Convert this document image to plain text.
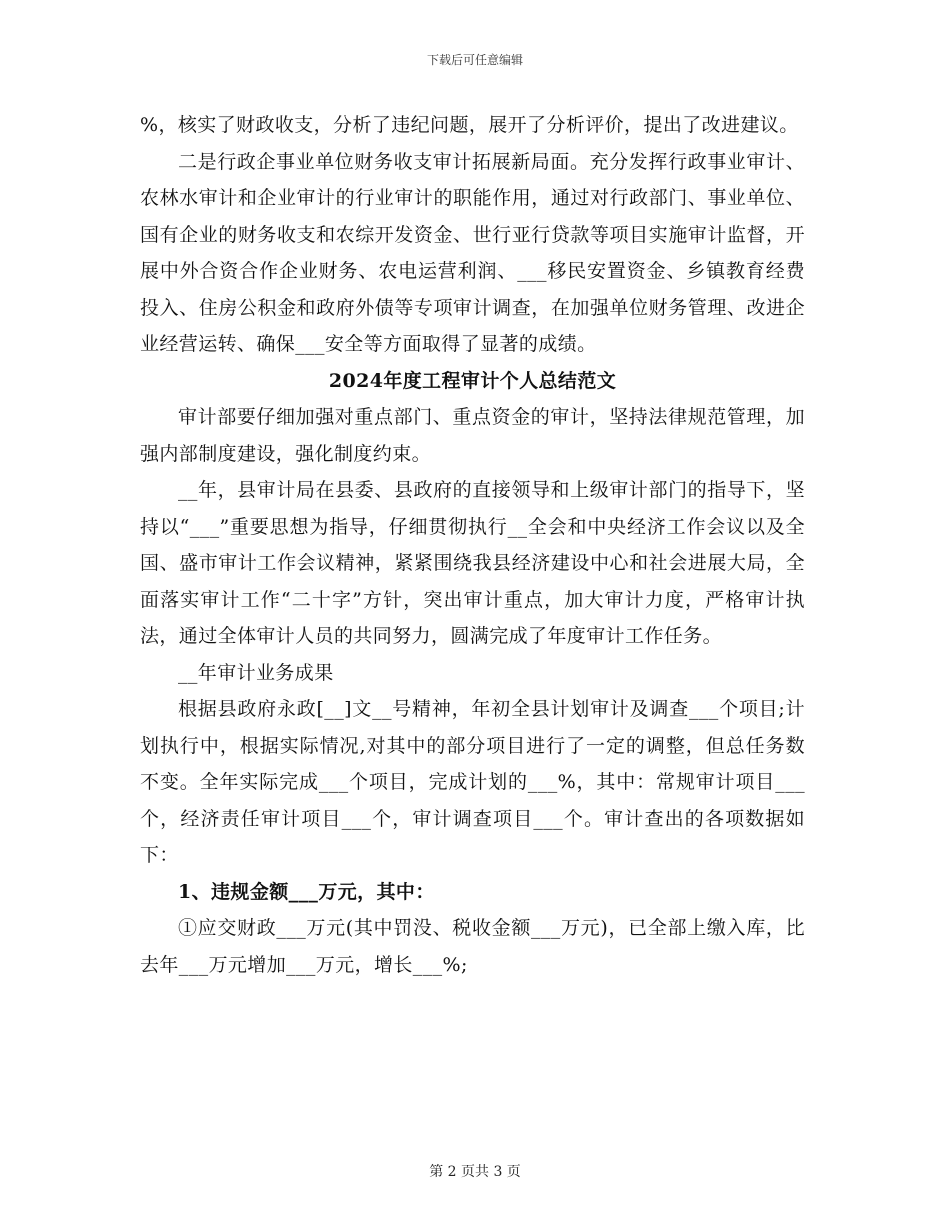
下载后可任意编辑

%，核实了财政收支，分析了违纪问题，展开了分析评价，提出了改进建议。

二是行政企事业单位财务收支审计拓展新局面。充分发挥行政事业审计、农林水审计和企业审计的行业审计的职能作用，通过对行政部门、事业单位、国有企业的财务收支和农综开发资金、世行亚行贷款等项目实施审计监督，开展中外合资合作企业财务、农电运营利润、___移民安置资金、乡镇教育经费投入、住房公积金和政府外债等专项审计调查，在加强单位财务管理、改进企业经营运转、确保___安全等方面取得了显著的成绩。

2024年度工程审计个人总结范文

审计部要仔细加强对重点部门、重点资金的审计，坚持法律规范管理，加强内部制度建设，强化制度约束。

__年，县审计局在县委、县政府的直接领导和上级审计部门的指导下，坚持以“___”重要思想为指导，仔细贯彻执行__全会和中央经济工作会议以及全国、盛市审计工作会议精神，紧紧围绕我县经济建设中心和社会进展大局，全面落实审计工作“二十字”方针，突出审计重点，加大审计力度，严格审计执法，通过全体审计人员的共同努力，圆满完成了年度审计工作任务。

__年审计业务成果

根据县政府永政[__]文__号精神，年初全县计划审计及调查___个项目;计划执行中，根据实际情况,对其中的部分项目进行了一定的调整，但总任务数不变。全年实际完成___个项目，完成计划的___%，其中：常规审计项目___个，经济责任审计项目___个，审计调查项目___个。审计查出的各项数据如下：

1、违规金额___万元，其中：

①应交财政___万元(其中罚没、税收金额___万元)，已全部上缴入库，比去年___万元增加___万元，增长___%;

第 2 页共 3 页
